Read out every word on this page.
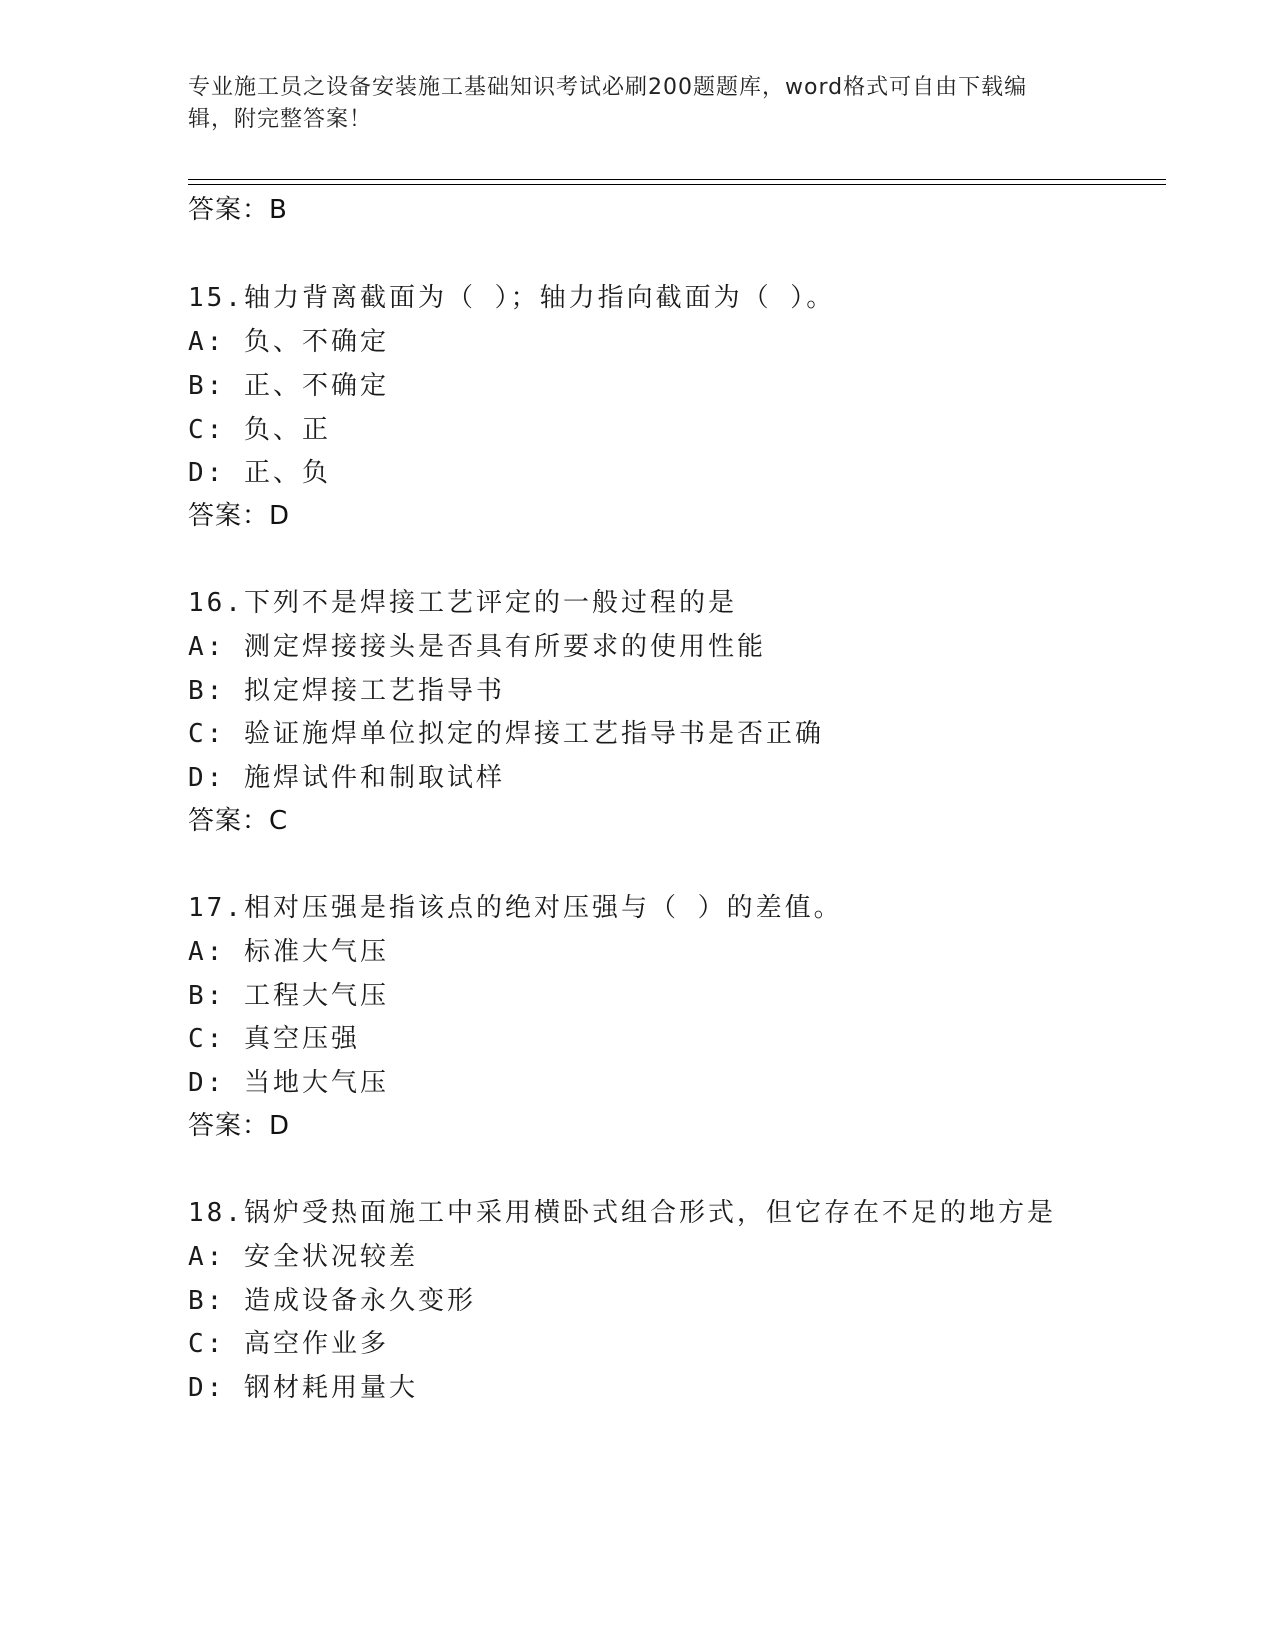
专业施工员之设备安装施工基础知识考试必刷200题题库，word格式可自由下载编辑，附完整答案！
答案：B
15.轴力背离截面为（ ）；轴力指向截面为（ ）。
A: 负、不确定
B: 正、不确定
C: 负、正
D: 正、负
答案：D
16.下列不是焊接工艺评定的一般过程的是
A: 测定焊接接头是否具有所要求的使用性能
B: 拟定焊接工艺指导书
C: 验证施焊单位拟定的焊接工艺指导书是否正确
D: 施焊试件和制取试样
答案：C
17.相对压强是指该点的绝对压强与（ ）的差值。
A: 标准大气压
B: 工程大气压
C: 真空压强
D: 当地大气压
答案：D
18.锅炉受热面施工中采用横卧式组合形式，但它存在不足的地方是
A: 安全状况较差
B: 造成设备永久变形
C: 高空作业多
D: 钢材耗用量大
